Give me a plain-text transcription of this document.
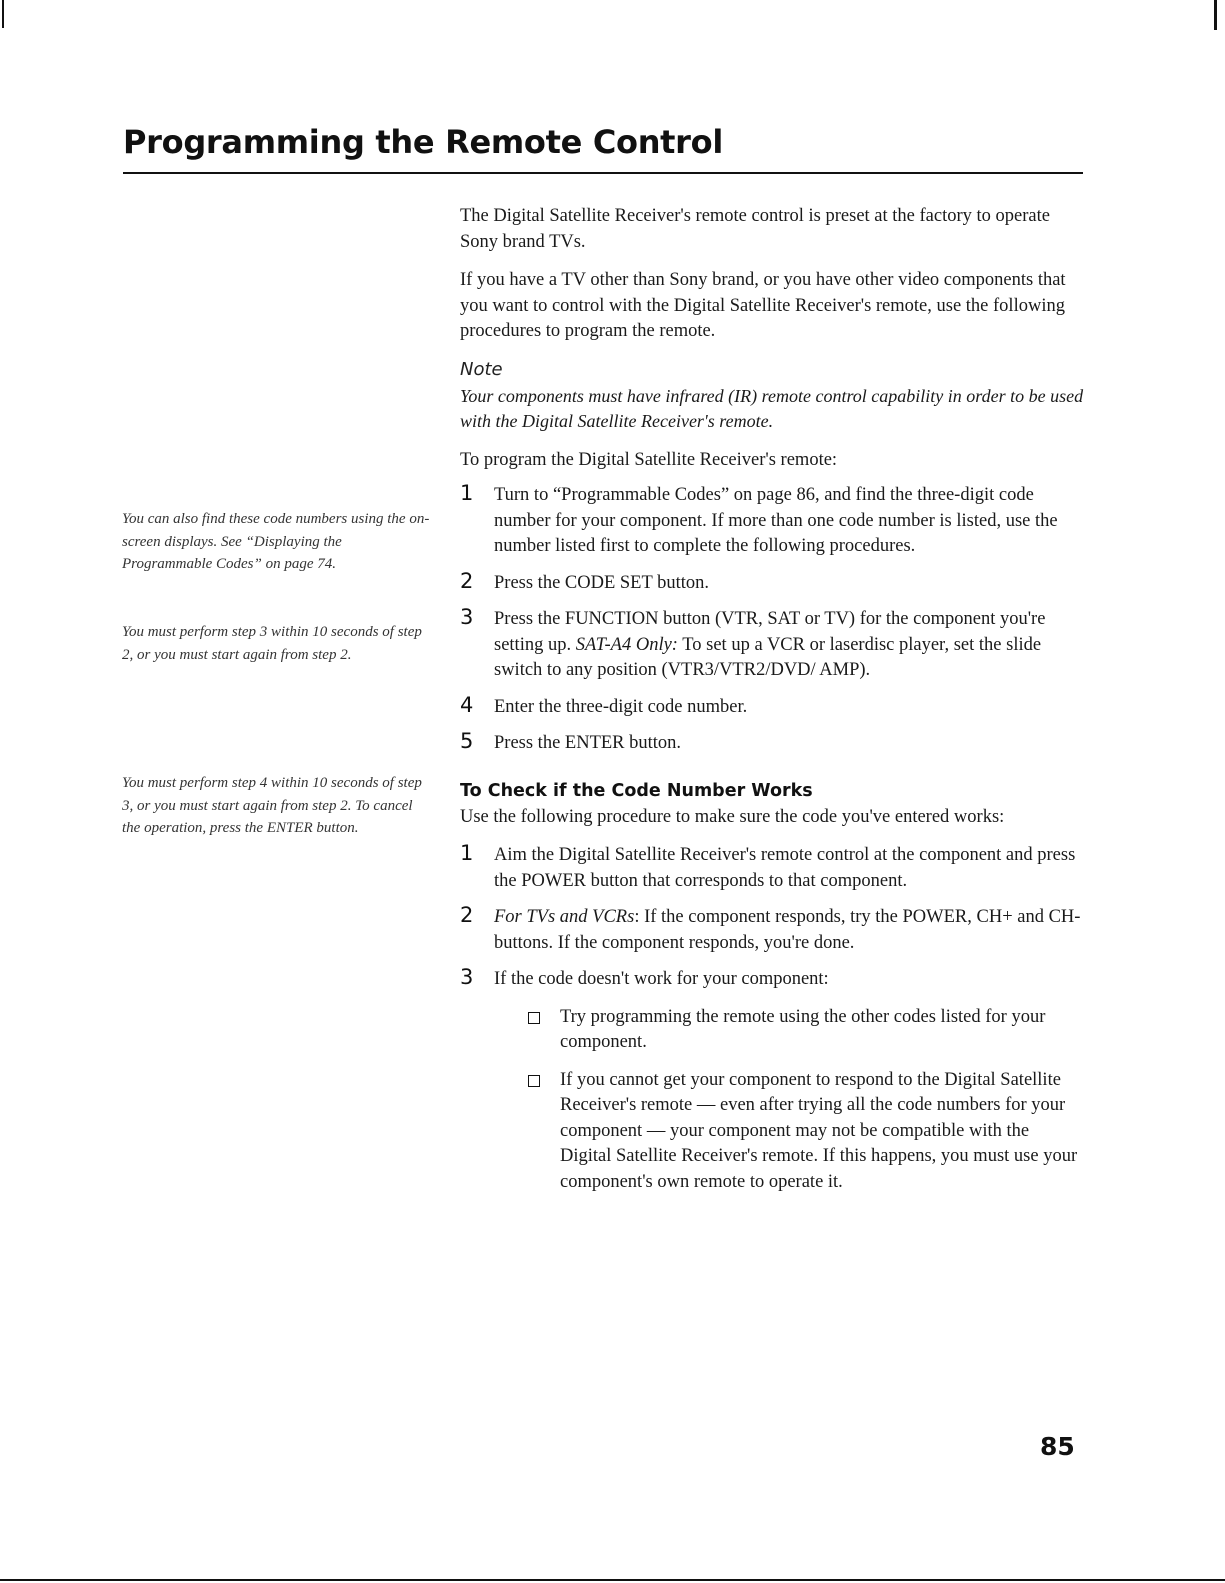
Programming the Remote Control

You can also find these code numbers using the on-screen displays. See “Displaying the Programmable Codes” on page 74.

You must perform step 3 within 10 seconds of step 2, or you must start again from step 2.

You must perform step 4 within 10 seconds of step 3, or you must start again from step 2. To cancel the operation, press the ENTER button.

The Digital Satellite Receiver's remote control is preset at the factory to operate Sony brand TVs.

If you have a TV other than Sony brand, or you have other video components that you want to control with the Digital Satellite Receiver's remote, use the following procedures to program the remote.

Note

Your components must have infrared (IR) remote control capability in order to be used with the Digital Satellite Receiver's remote.

To program the Digital Satellite Receiver's remote:

1 Turn to “Programmable Codes” on page 86, and find the three-digit code number for your component. If more than one code number is listed, use the number listed first to complete the following procedures.
2 Press the CODE SET button.
3 Press the FUNCTION button (VTR, SAT or TV) for the component you're setting up. SAT-A4 Only: To set up a VCR or laserdisc player, set the slide switch to any position (VTR3/VTR2/DVD/ AMP).
4 Enter the three-digit code number.
5 Press the ENTER button.
To Check if the Code Number Works

Use the following procedure to make sure the code you've entered works:

1 Aim the Digital Satellite Receiver's remote control at the component and press the POWER button that corresponds to that component.
2 For TVs and VCRs: If the component responds, try the POWER, CH+ and CH- buttons. If the component responds, you're done.
3 If the code doesn't work for your component:
Try programming the remote using the other codes listed for your component.
If you cannot get your component to respond to the Digital Satellite Receiver's remote — even after trying all the code numbers for your component — your component may not be compatible with the Digital Satellite Receiver's remote. If this happens, you must use your component's own remote to operate it.
85
